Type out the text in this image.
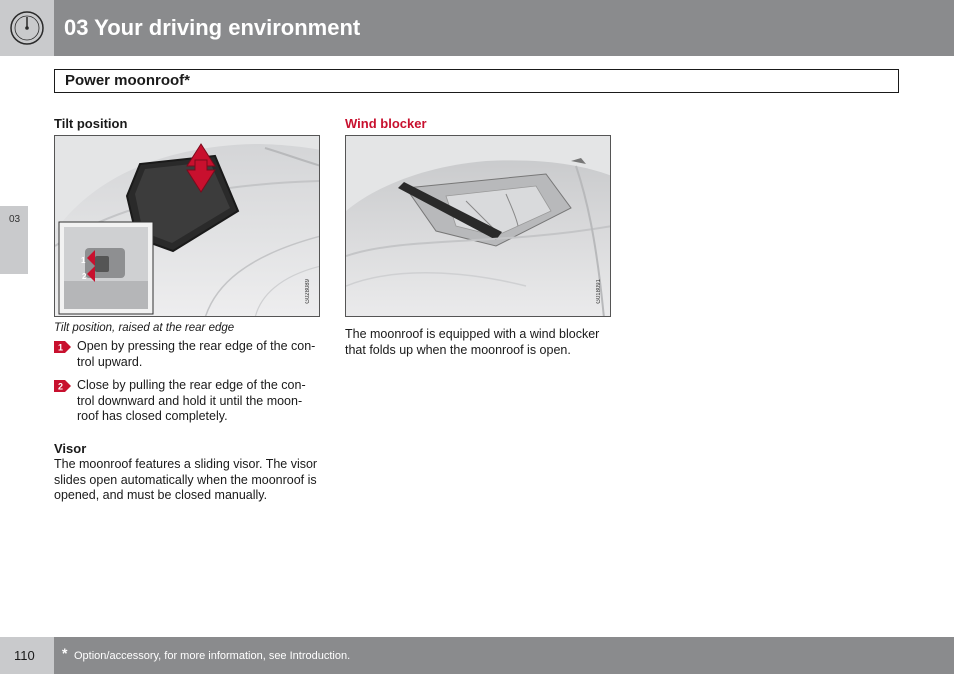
03 Your driving environment
Power moonroof*
03
Tilt position
1
2
G028089
Tilt position, raised at the rear edge
1 Open by pressing the rear edge of the con-trol upward.
2 Close by pulling the rear edge of the con-trol downward and hold it until the moon-roof has closed completely.
Visor
The moonroof features a sliding visor. The visor slides open automatically when the moonroof is opened, and must be closed manually.
Wind blocker
G018091
The moonroof is equipped with a wind blocker that folds up when the moonroof is open.
110 * Option/accessory, for more information, see Introduction.
